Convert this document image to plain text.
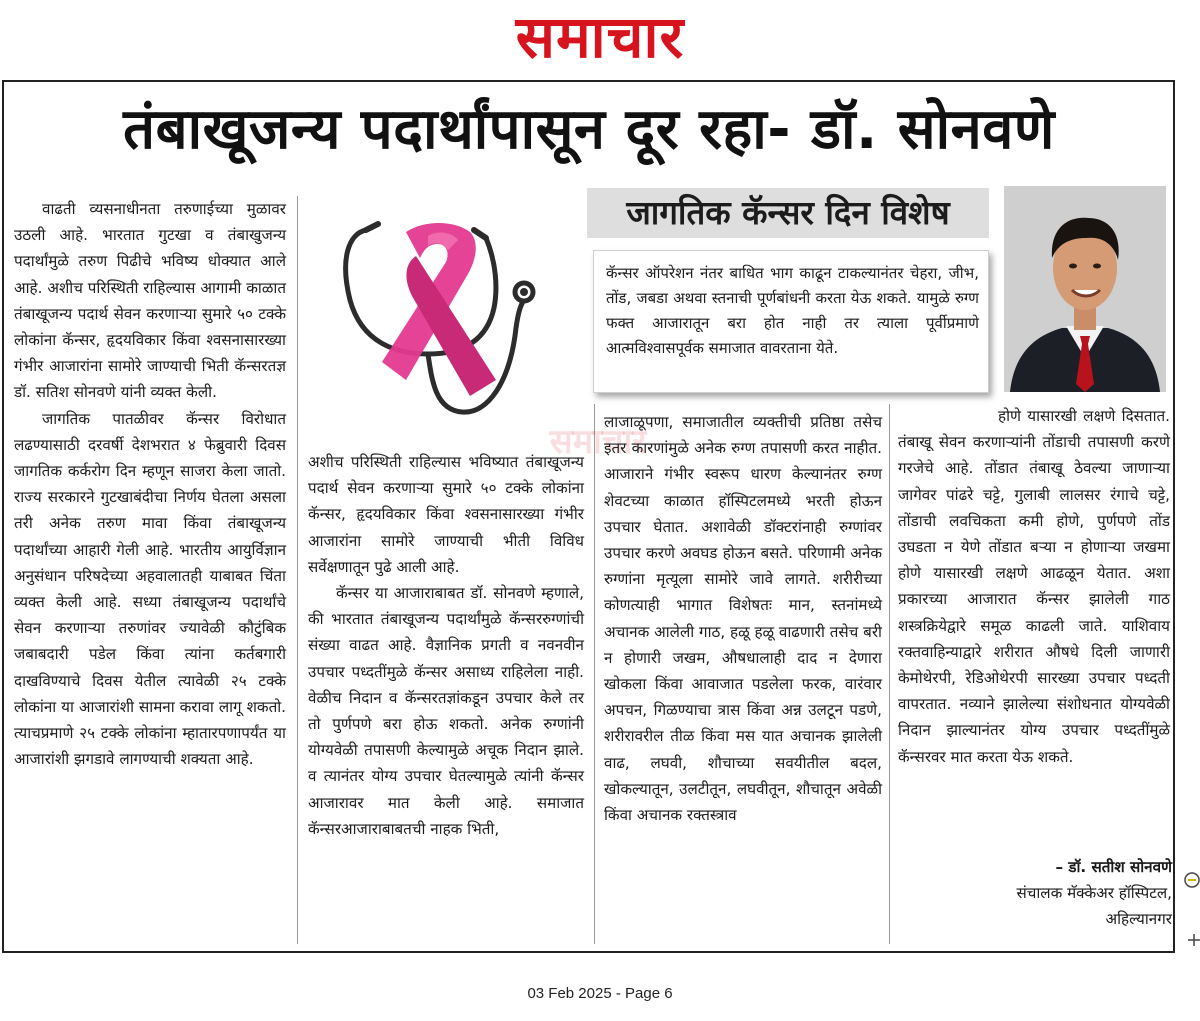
समाचार
तंबाखूजन्य पदार्थांपासून दूर रहा- डॉ. सोनवणे
समाचार
जागतिक कॅन्सर दिन विशेष
कॅन्सर ऑपरेशन नंतर बाधित भाग काढून टाकल्यानंतर चेहरा, जीभ, तोंड, जबडा अथवा स्तनाची पूर्णबांधनी करता येऊ शकते. यामुळे रुग्ण फक्त आजारातून बरा होत नाही तर त्याला पूर्वीप्रमाणे आत्मविश्वासपूर्वक समाजात वावरताना येते.

वाढती व्यसनाधीनता तरुणाईच्या मुळावर उठली आहे. भारतात गुटखा व तंबाखुजन्य पदार्थांमुळे तरुण पिढीचे भविष्य धोक्यात आले आहे. अशीच परिस्थिती राहिल्यास आगामी काळात तंबाखूजन्य पदार्थ सेवन करणाऱ्या सुमारे ५० टक्के लोकांना कॅन्सर, हृदयविकार किंवा श्वसनासारख्या गंभीर आजारांना सामोरे जाण्याची भिती कॅन्सरतज्ञ डॉ. सतिश सोनवणे यांनी व्यक्त केली.

जागतिक पातळीवर कॅन्सर विरोधात लढण्यासाठी दरवर्षी देशभरात ४ फेब्रुवारी दिवस जागतिक कर्करोग दिन म्हणून साजरा केला जातो. राज्य सरकारने गुटखाबंदीचा निर्णय घेतला असला तरी अनेक तरुण मावा किंवा तंबाखूजन्य पदार्थांच्या आहारी गेली आहे. भारतीय आयुर्विज्ञान अनुसंधान परिषदेच्या अहवालातही याबाबत चिंता व्यक्त केली आहे. सध्या तंबाखूजन्य पदार्थांचे सेवन करणाऱ्या तरुणांवर ज्यावेळी कौटुंबिक जबाबदारी पडेल किंवा त्यांना कर्तबगारी दाखविण्याचे दिवस येतील त्यावेळी २५ टक्के लोकांना या आजारांशी सामना करावा लागू शकतो. त्याचप्रमाणे २५ टक्के लोकांना म्हातारपणापर्यंत या आजारांशी झगडावे लागण्याची शक्यता आहे.

अशीच परिस्थिती राहिल्यास भविष्यात तंबाखूजन्य पदार्थ सेवन करणाऱ्या सुमारे ५० टक्के लोकांना कॅन्सर, हृदयविकार किंवा श्वसनासारख्या गंभीर आजारांना सामोरे जाण्याची भीती विविध सर्वेक्षणातून पुढे आली आहे.

कॅन्सर या आजाराबाबत डॉ. सोनवणे म्हणाले, की भारतात तंबाखूजन्य पदार्थांमुळे कॅन्सररुग्णांची संख्या वाढत आहे. वैज्ञानिक प्रगती व नवनवीन उपचार पध्दतींमुळे कॅन्सर असाध्य राहिलेला नाही. वेळीच निदान व कॅन्सरतज्ञांकडून उपचार केले तर तो पुर्णपणे बरा होऊ शकतो. अनेक रुग्णांनी योग्यवेळी तपासणी केल्यामुळे अचूक निदान झाले. व त्यानंतर योग्य उपचार घेतल्यामुळे त्यांनी कॅन्सर आजारावर मात केली आहे. समाजात कॅन्सरआजाराबाबतची नाहक भिती,

लाजाळूपणा, समाजातील व्यक्तीची प्रतिष्ठा तसेच इतर कारणांमुळे अनेक रुग्ण तपासणी करत नाहीत. आजाराने गंभीर स्वरूप धारण केल्यानंतर रुग्ण शेवटच्या काळात हॉस्पिटलमध्ये भरती होऊन उपचार घेतात. अशावेळी डॉक्टरांनाही रुग्णांवर उपचार करणे अवघड होऊन बसते. परिणामी अनेक रुग्णांना मृत्यूला सामोरे जावे लागते. शरीरीच्या कोणत्याही भागात विशेषतः मान, स्तनांमध्ये अचानक आलेली गाठ, हळू हळू वाढणारी तसेच बरी न होणारी जखम, औषधालाही दाद न देणारा खोकला किंवा आवाजात पडलेला फरक, वारंवार अपचन, गिळण्याचा त्रास किंवा अन्न उलटून पडणे, शरीरावरील तीळ किंवा मस यात अचानक झालेली वाढ, लघवी, शौचाच्या सवयीतील बदल, खोकल्यातून, उलटीतून, लघवीतून, शौचातून अवेळी किंवा अचानक रक्तस्त्राव

होणे यासारखी लक्षणे दिसतात. तंबाखू सेवन करणाऱ्यांनी तोंडाची तपासणी करणे गरजेचे आहे. तोंडात तंबाखू ठेवल्या जाणाऱ्या जागेवर पांढरे चट्टे, गुलाबी लालसर रंगाचे चट्टे, तोंडाची लवचिकता कमी होणे, पुर्णपणे तोंड उघडता न येणे तोंडात बऱ्या न होणाऱ्या जखमा होणे यासारखी लक्षणे आढळून येतात. अशा प्रकारच्या आजारात कॅन्सर झालेली गाठ शस्त्रक्रियेद्वारे समूळ काढली जाते. याशिवाय रक्तवाहिन्याद्वारे शरीरात औषधे दिली जाणारी केमोथेरपी, रेडिओथेरपी सारख्या उपचार पध्दती वापरतात. नव्याने झालेल्या संशोधनात योग्यवेळी निदान झाल्यानंतर योग्य उपचार पध्दतींमुळे कॅन्सरवर मात करता येऊ शकते.

– डॉ. सतीश सोनवणे
संचालक मॅक्केअर हॉस्पिटल,
अहिल्यानगर
03 Feb 2025 - Page 6
